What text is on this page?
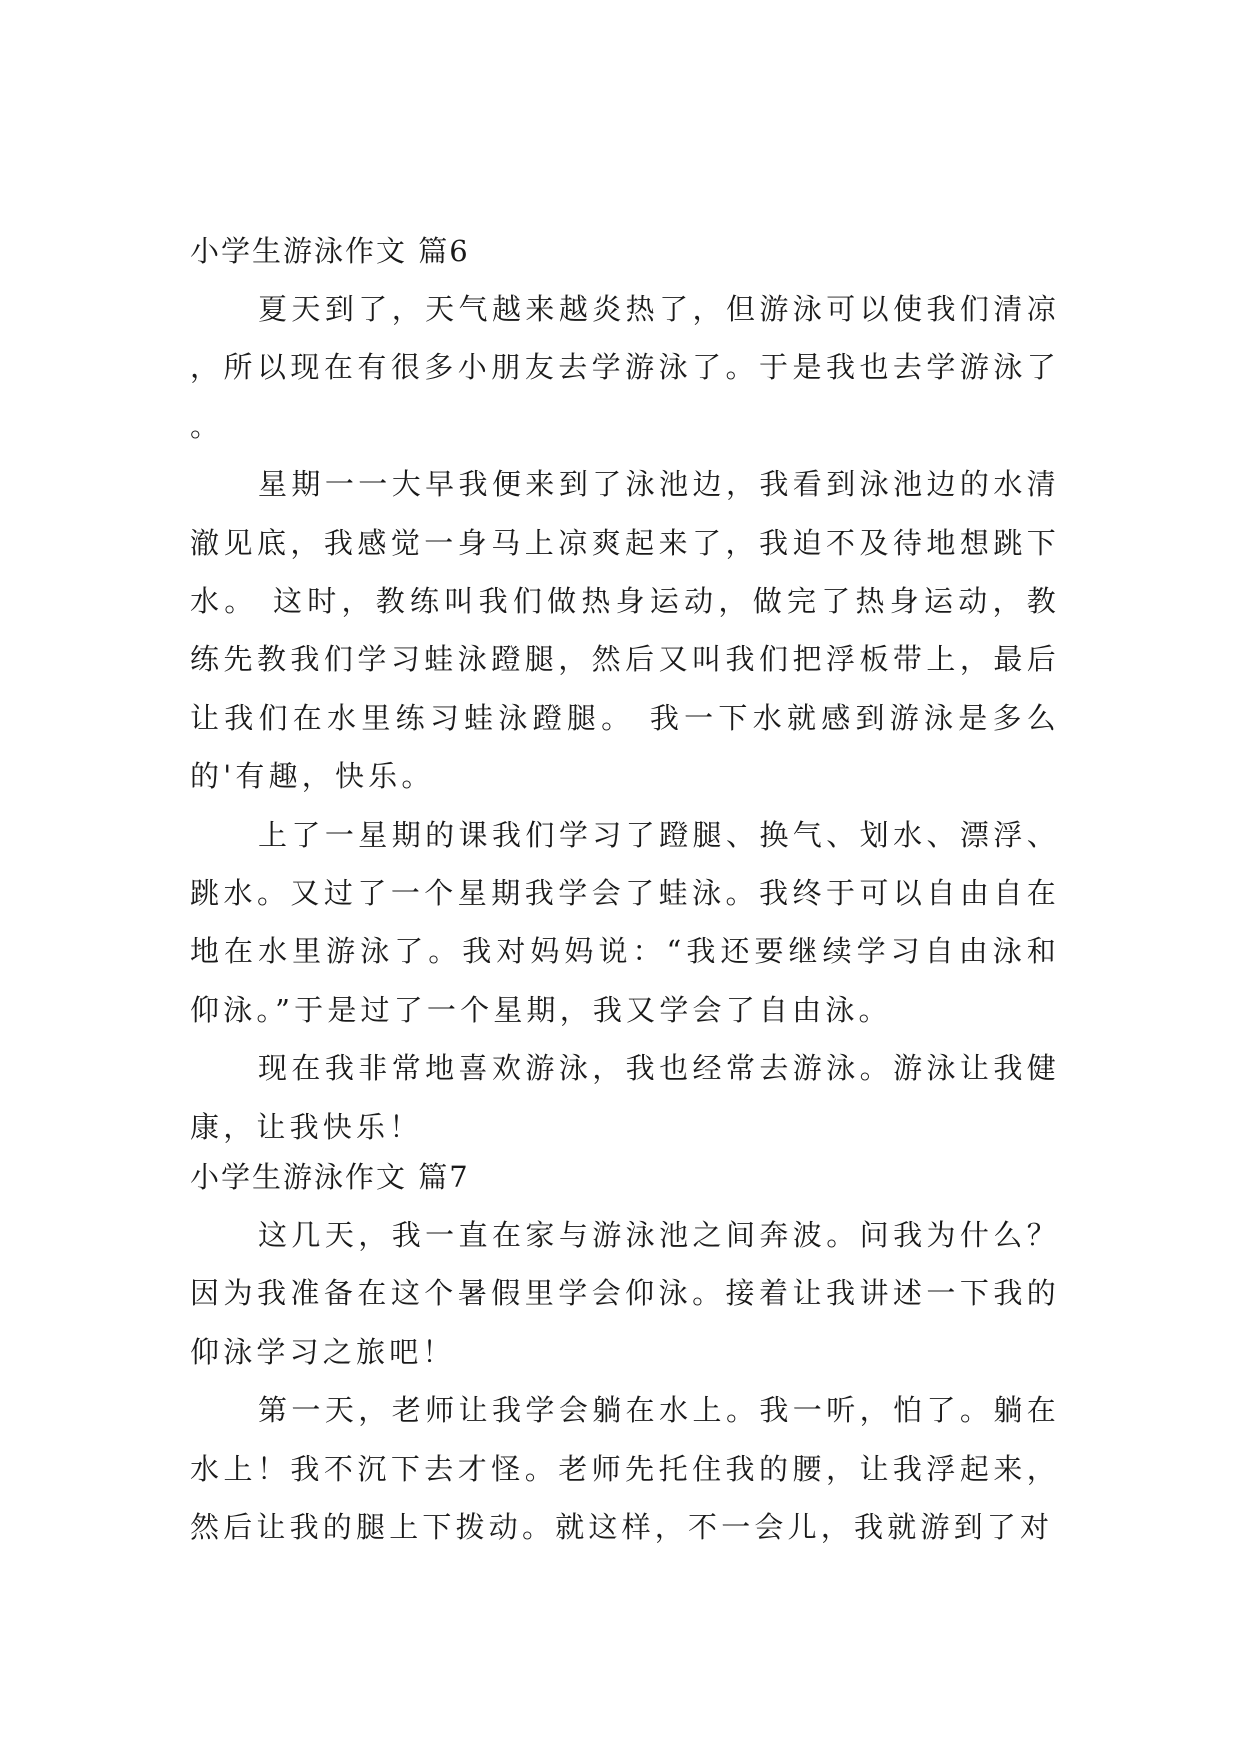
小学生游泳作文 篇6

夏天到了，天气越来越炎热了，但游泳可以使我们清凉，所以现在有很多小朋友去学游泳了。于是我也去学游泳了。

星期一一大早我便来到了泳池边，我看到泳池边的水清澈见底，我感觉一身马上凉爽起来了，我迫不及待地想跳下水。 这时，教练叫我们做热身运动，做完了热身运动，教练先教我们学习蛙泳蹬腿，然后又叫我们把浮板带上，最后让我们在水里练习蛙泳蹬腿。 我一下水就感到游泳是多么的'有趣，快乐。

上了一星期的课我们学习了蹬腿、换气、划水、漂浮、跳水。又过了一个星期我学会了蛙泳。我终于可以自由自在地在水里游泳了。我对妈妈说：“我还要继续学习自由泳和仰泳。”于是过了一个星期，我又学会了自由泳。

现在我非常地喜欢游泳，我也经常去游泳。游泳让我健康，让我快乐！

小学生游泳作文 篇7

这几天，我一直在家与游泳池之间奔波。问我为什么？因为我准备在这个暑假里学会仰泳。接着让我讲述一下我的仰泳学习之旅吧！

第一天，老师让我学会躺在水上。我一听，怕了。躺在水上！我不沉下去才怪。老师先托住我的腰，让我浮起来，然后让我的腿上下拨动。就这样，不一会儿，我就游到了对
